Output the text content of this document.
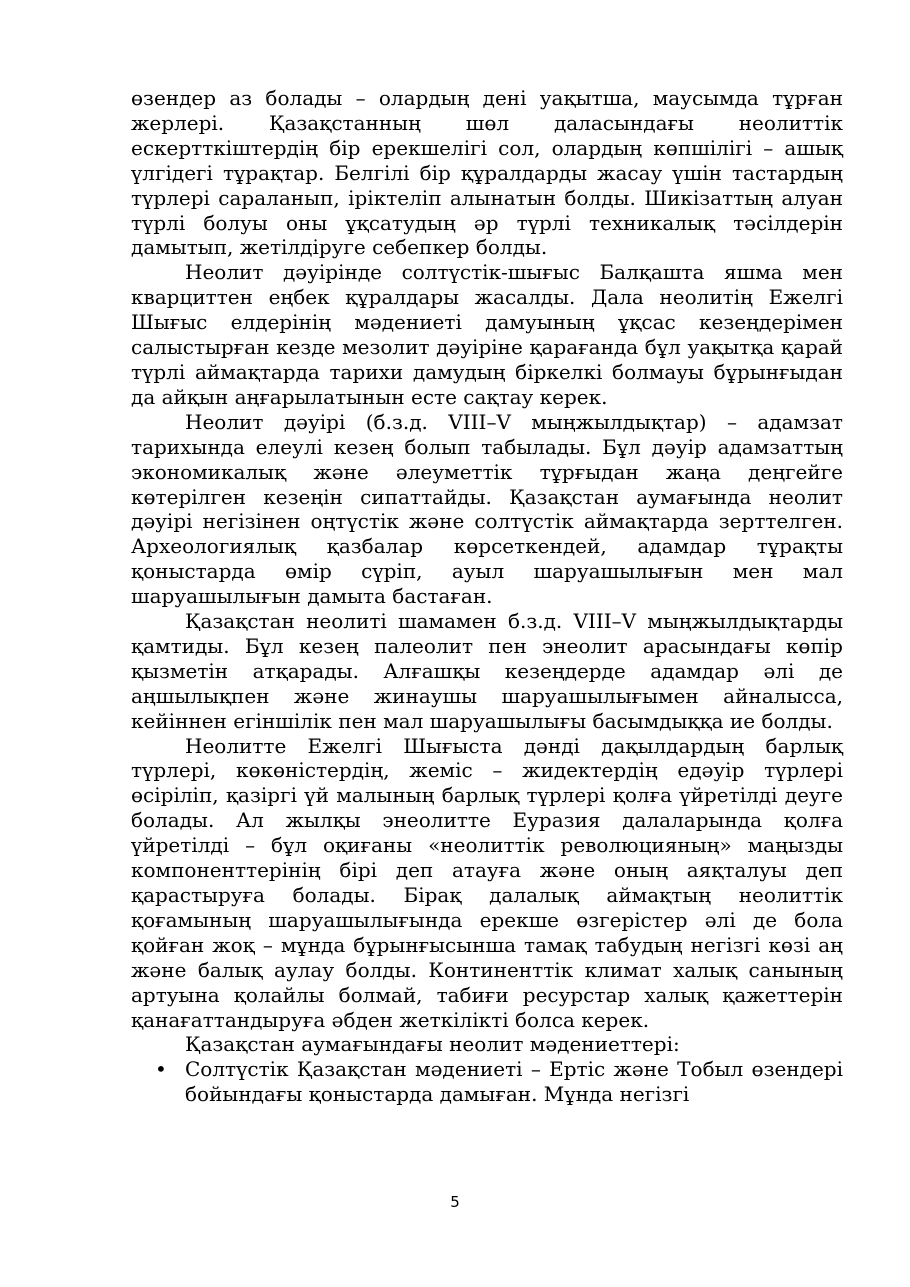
өзендер аз болады – олардың дені уақытша, маусымда тұрған жерлері. Қазақстанның шөл даласындағы неолиттік ескертткіштердің бір ерекшелігі сол, олардың көпшілігі – ашық үлгідегі тұрақтар. Белгілі бір құралдарды жасау үшін тастардың түрлері сараланып, іріктеліп алынатын болды. Шикізаттың алуан түрлі болуы оны ұқсатудың әр түрлі техникалық тәсілдерін дамытып, жетілдіруге себепкер болды.

Неолит дәуірінде солтүстік-шығыс Балқашта яшма мен кварциттен еңбек құралдары жасалды. Дала неолитің Ежелгі Шығыс елдерінің мәдениеті дамуының ұқсас кезеңдерімен салыстырған кезде мезолит дәуіріне қарағанда бұл уақытқа қарай түрлі аймақтарда тарихи дамудың біркелкі болмауы бұрынғыдан да айқын аңғарылатынын есте сақтау керек.

Неолит дәуірі (б.з.д. VIII–V мыңжылдықтар) – адамзат тарихында елеулі кезең болып табылады. Бұл дәуір адамзаттың экономикалық және әлеуметтік тұрғыдан жаңа деңгейге көтерілген кезеңін сипаттайды. Қазақстан аумағында неолит дәуірі негізінен оңтүстік және солтүстік аймақтарда зерттелген. Археологиялық қазбалар көрсеткендей, адамдар тұрақты қоныстарда өмір сүріп, ауыл шаруашылығын мен мал шаруашылығын дамыта бастаған.

Қазақстан неолиті шамамен б.з.д. VIII–V мыңжылдықтарды қамтиды. Бұл кезең палеолит пен энеолит арасындағы көпір қызметін атқарады. Алғашқы кезеңдерде адамдар әлі де аңшылықпен және жинаушы шаруашылығымен айналысса, кейіннен егіншілік пен мал шаруашылығы басымдыққа ие болды.

Неолитте Ежелгі Шығыста дәнді дақылдардың барлық түрлері, көкөністердің, жеміс – жидектердің едәуір түрлері өсіріліп, қазіргі үй малының барлық түрлері қолға үйретілді деуге болады. Ал жылқы энеолитте Еуразия далаларында қолға үйретілді – бұл оқиғаны «неолиттік революцияның» маңызды компоненттерінің бірі деп атауға және оның аяқталуы деп қарастыруға болады. Бірақ далалық аймақтың неолиттік қоғамының шаруашылығында ерекше өзгерістер әлі де бола қойған жоқ – мұнда бұрынғысынша тамақ табудың негізгі көзі аң және балық аулау болды. Континенттік климат халық санының артуына қолайлы болмай, табиғи ресурстар халық қажеттерін қанағаттандыруға әбден жеткілікті болса керек.

Қазақстан аумағындағы неолит мәдениеттері:

• Солтүстік Қазақстан мәдениеті – Ертіс және Тобыл өзендері бойындағы қоныстарда дамыған. Мұнда негізгі
5
